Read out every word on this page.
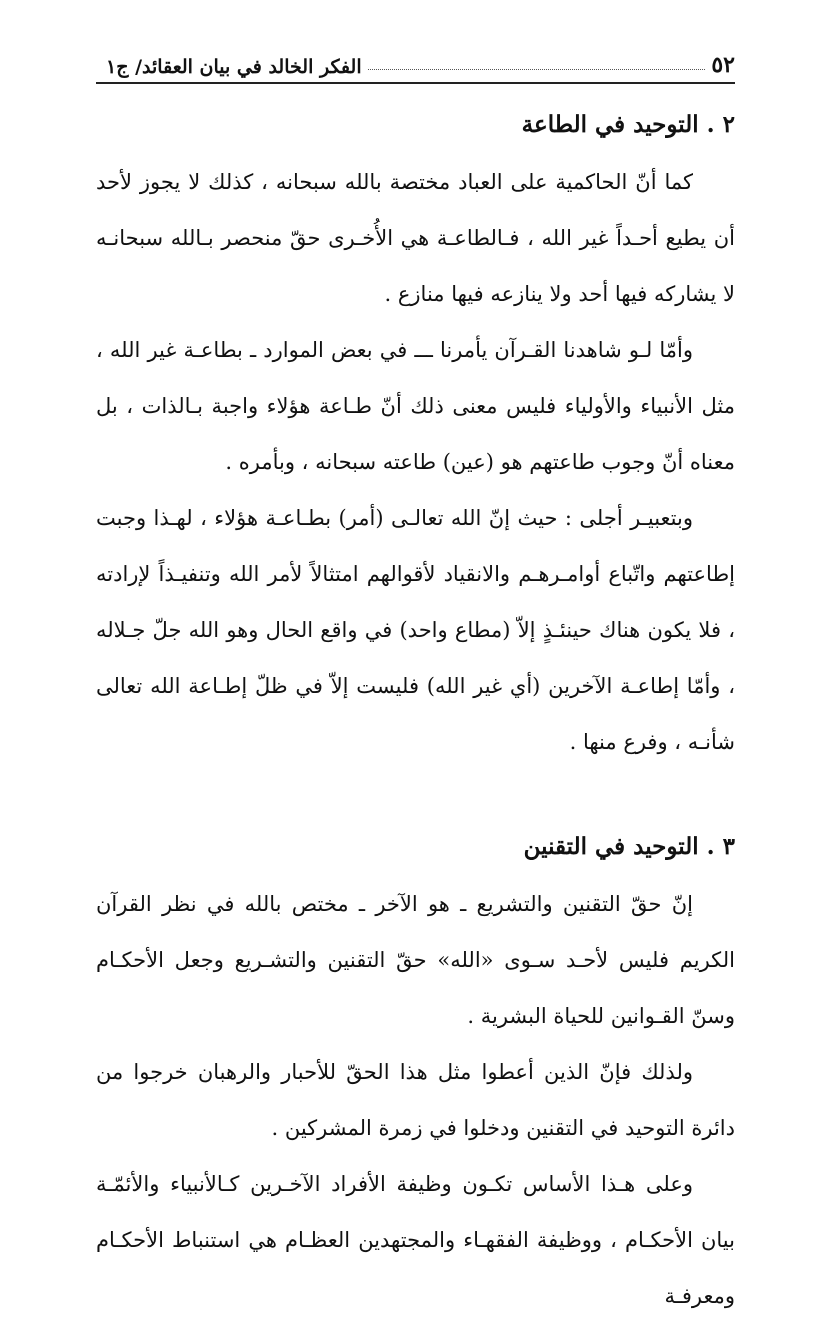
٥٢
الفكر الخالد في بيان العقائد/ ج١
٢ . التوحيد في الطاعة

كما أنّ الحاكمية على العباد مختصة بالله سبحانه ، كذلك لا يجوز لأحد أن يطيع أحـداً غير الله ، فـالطاعـة هي الأُخـرى حقّ منحصر بـالله سبحانـه لا يشاركه فيها أحد ولا ينازعه فيها منازع .

وأمّا لـو شاهدنا القـرآن يأمرنا ـــ في بعض الموارد ـ بطاعـة غير الله ، مثل الأنبياء والأولياء فليس معنى ذلك أنّ طـاعة هؤلاء واجبة بـالذات ، بل معناه أنّ وجوب طاعتهم هو (عين) طاعته سبحانه ، وبأمره .

وبتعبيـر أجلى : حيث إنّ الله تعالـى (أمر) بطـاعـة هؤلاء ، لهـذا وجبت إطاعتهم واتّباع أوامـرهـم والانقياد لأقوالهم امتثالاً لأمر الله وتنفيـذاً لإرادته ، فلا يكون هناك حينئـذٍ إلاّ (مطاع واحد) في واقع الحال وهو الله جلّ جـلاله ، وأمّا إطاعـة الآخرين (أي غير الله) فليست إلاّ في ظلّ إطـاعة الله تعالى شأنـه ، وفرع منها .

٣ . التوحيد في التقنين

إنّ حقّ التقنين والتشريع ـ هو الآخر ـ مختص بالله في نظر القرآن الكريم فليس لأحـد سـوى «الله» حقّ التقنين والتشـريع وجعل الأحكـام وسنّ القـوانين للحياة البشرية .

ولذلك فإنّ الذين أعطوا مثل هذا الحقّ للأحبار والرهبان خرجوا من دائرة التوحيد في التقنين ودخلوا في زمرة المشركين .

وعلى هـذا الأساس تكـون وظيفة الأفراد الآخـرين كـالأنبياء والأئمّـة بيان الأحكـام ، ووظيفة الفقهـاء والمجتهدين العظـام هي استنباط الأحكـام ومعرفـة
